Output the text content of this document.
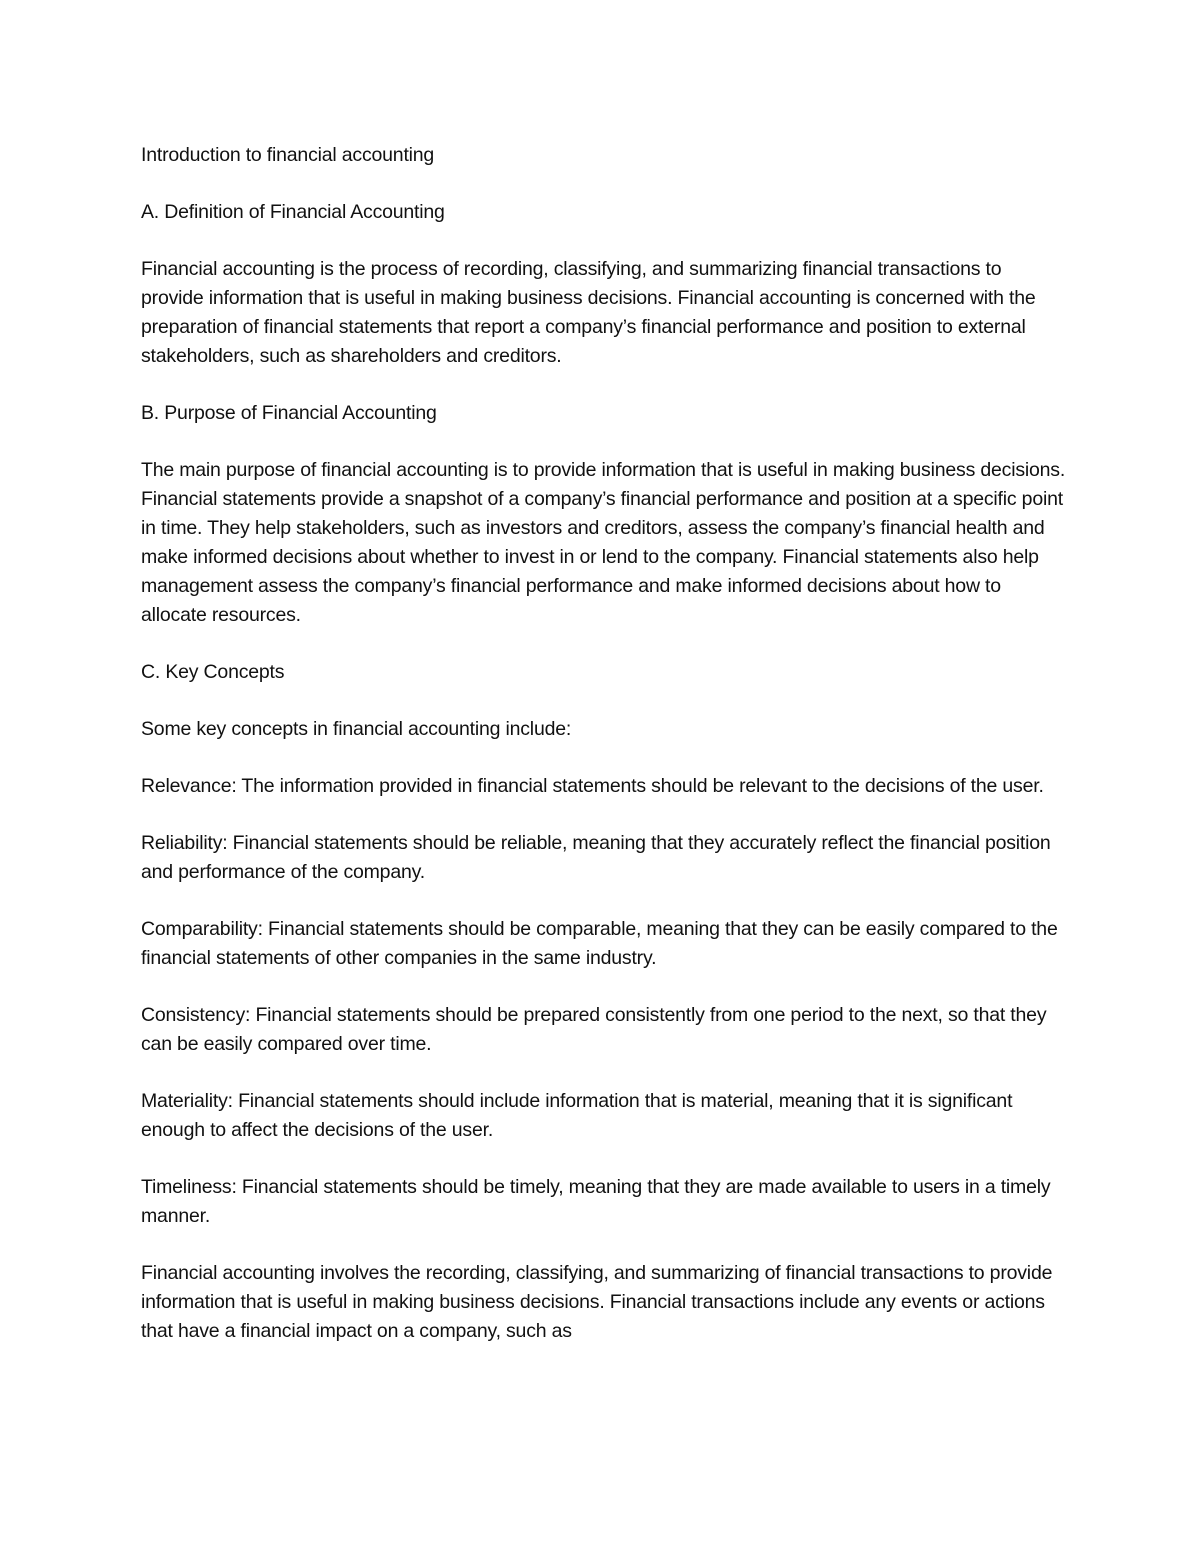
Introduction to financial accounting

A. Definition of Financial Accounting

Financial accounting is the process of recording, classifying, and summarizing financial transactions to provide information that is useful in making business decisions. Financial accounting is concerned with the preparation of financial statements that report a company’s financial performance and position to external stakeholders, such as shareholders and creditors.

B. Purpose of Financial Accounting

The main purpose of financial accounting is to provide information that is useful in making business decisions. Financial statements provide a snapshot of a company’s financial performance and position at a specific point in time. They help stakeholders, such as investors and creditors, assess the company’s financial health and make informed decisions about whether to invest in or lend to the company. Financial statements also help management assess the company’s financial performance and make informed decisions about how to allocate resources.

C. Key Concepts

Some key concepts in financial accounting include:

Relevance: The information provided in financial statements should be relevant to the decisions of the user.

Reliability: Financial statements should be reliable, meaning that they accurately reflect the financial position and performance of the company.

Comparability: Financial statements should be comparable, meaning that they can be easily compared to the financial statements of other companies in the same industry.

Consistency: Financial statements should be prepared consistently from one period to the next, so that they can be easily compared over time.

Materiality: Financial statements should include information that is material, meaning that it is significant enough to affect the decisions of the user.

Timeliness: Financial statements should be timely, meaning that they are made available to users in a timely manner.

Financial accounting involves the recording, classifying, and summarizing of financial transactions to provide information that is useful in making business decisions. Financial transactions include any events or actions that have a financial impact on a company, such as
